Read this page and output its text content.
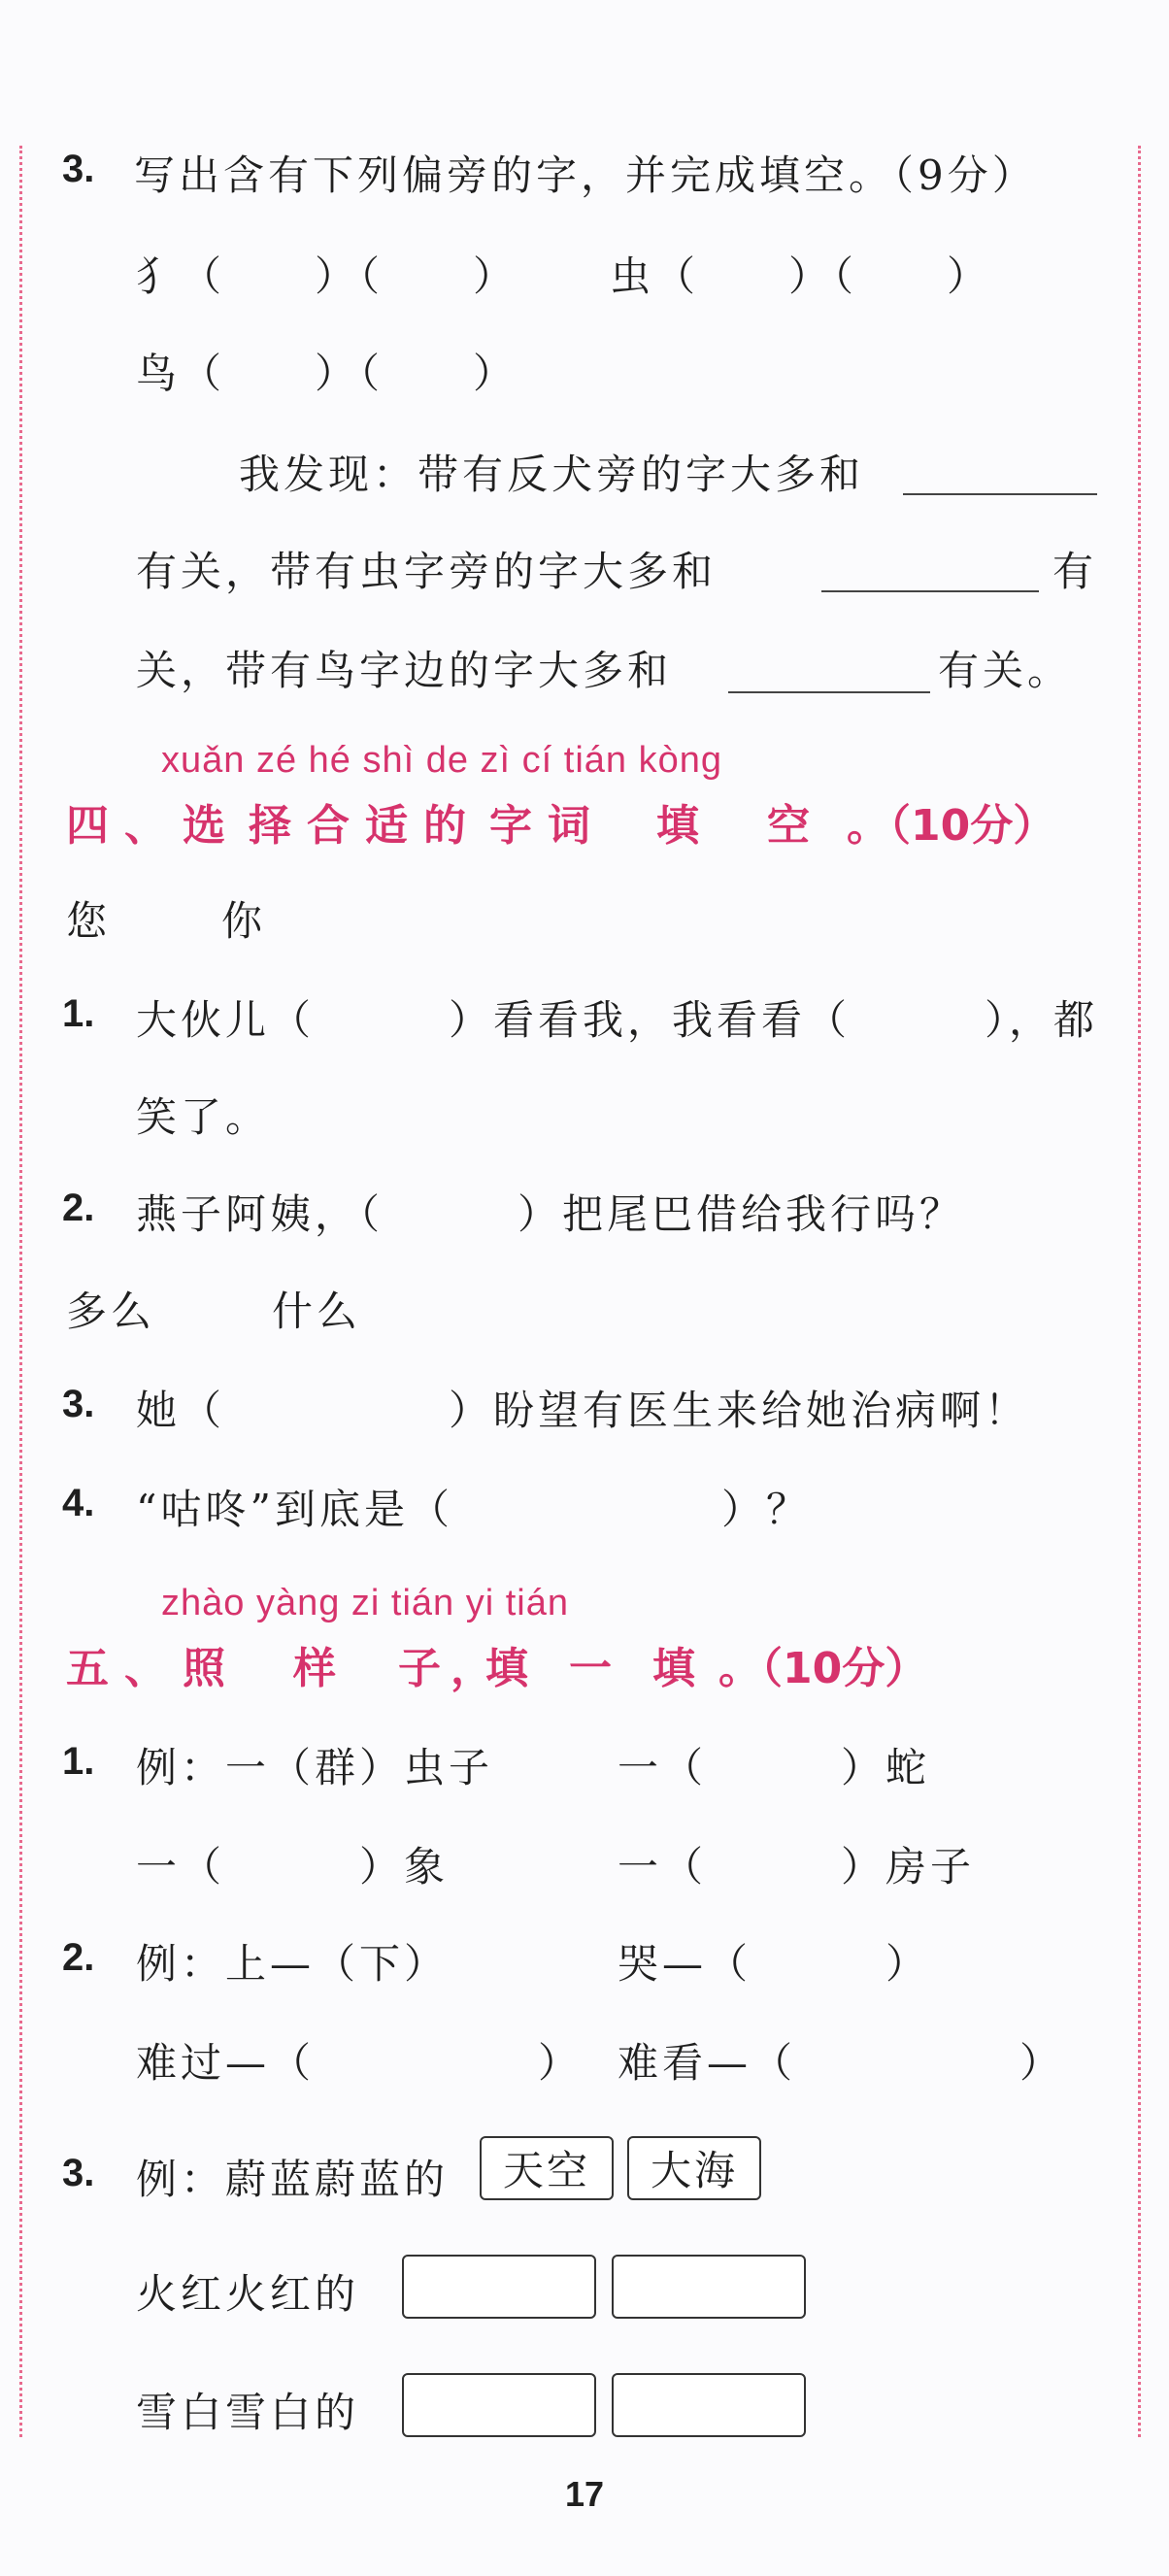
3. 写出含有下列偏旁的字，并完成填空。（9分）
犭 （　　）（　　） 虫 （　　）（　　）
鸟 （　　）（　　）
我发现：带有反犬旁的字大多和
有关，带有虫字旁的字大多和	有
关，带有鸟字边的字大多和	有关。
xuǎn zé hé shì de zì cí tián kòng
四 、 选 择 合 适 的 字 词 填 空 。（10分）
您	你
1. 大伙儿（　　　）看看我，我看看（　　　），都
笑了。
2. 燕子阿姨，（　　　）把尾巴借给我行吗？
多么	什么
3. 她（　　　　　）盼望有医生来给她治病啊！
4. “咕咚”到底是（　　　　　　）？
zhào yàng zi tián yi tián
五 、 照 样 子 ，
填 一 填 。（10分）
1. 例：一（群）虫子	一（　　　）蛇
一（　　　）象	一（　　　）房子
2. 例：上—（下）	哭—（　　　）
难过—（　　　　　） 难看—（　　　　　）
3. 例：蔚蓝蔚蓝的	天空	大海
火红火红的
雪白雪白的
17
